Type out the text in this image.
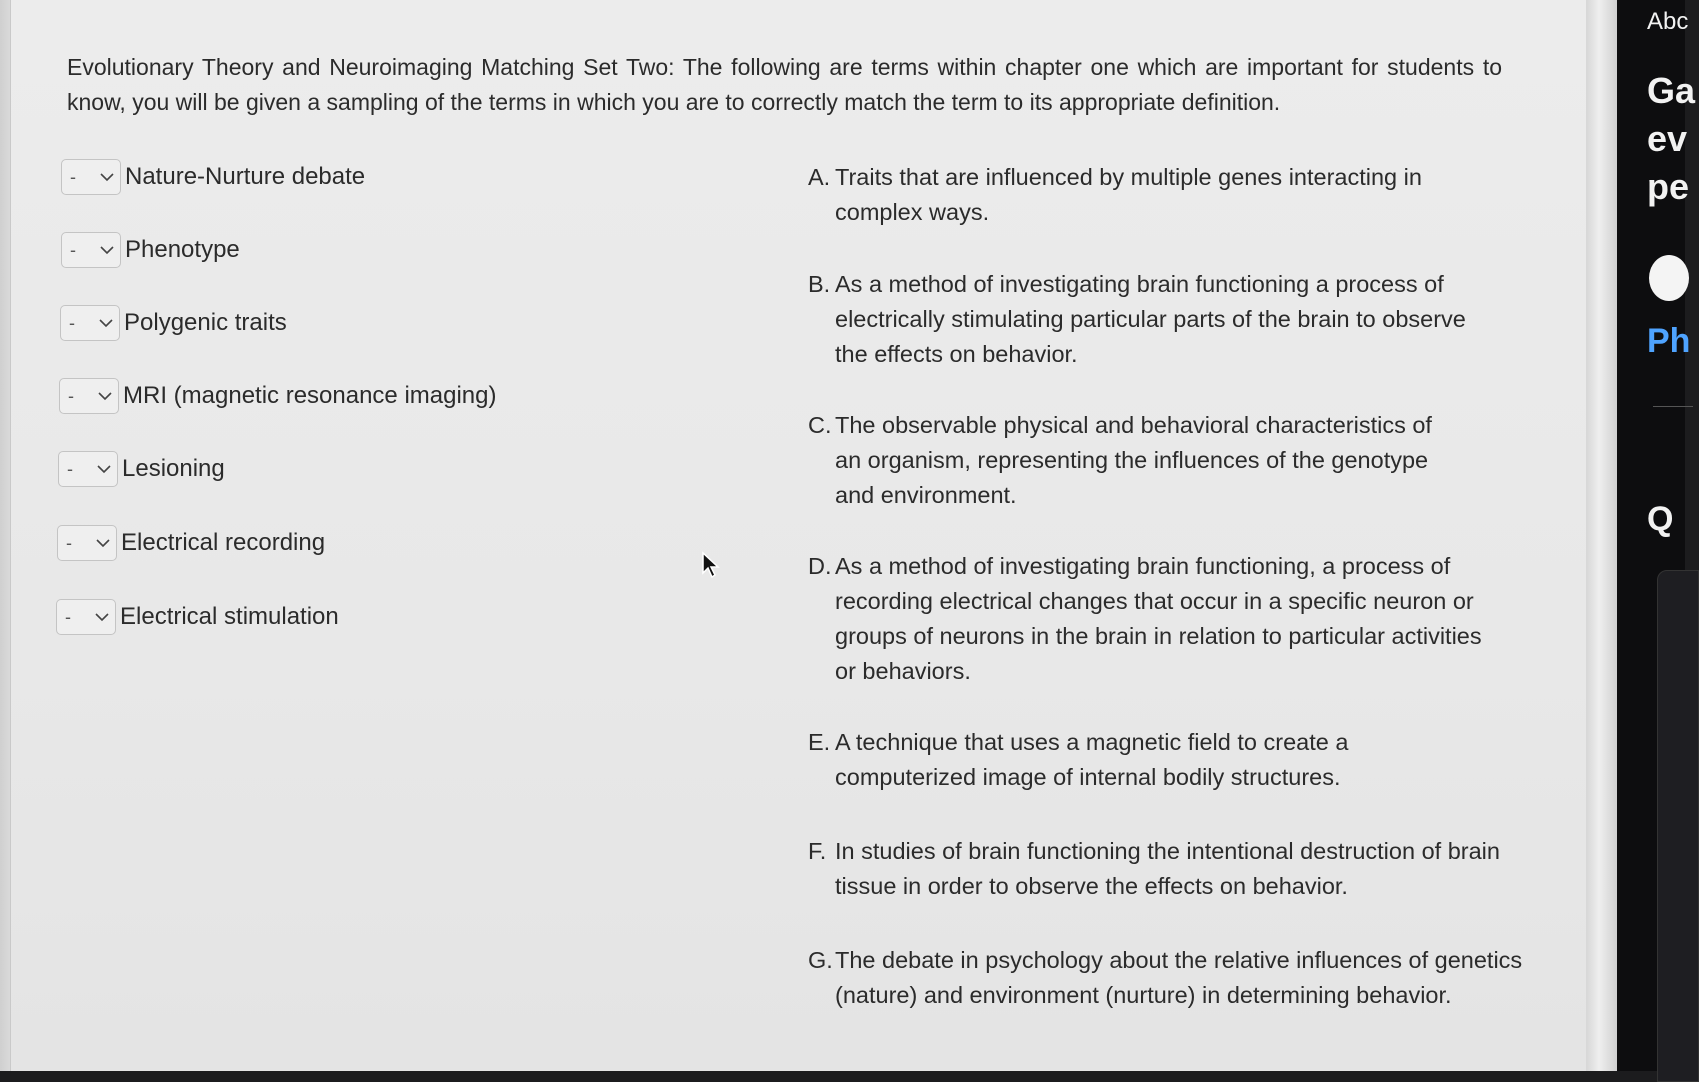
Evolutionary Theory and Neuroimaging Matching Set Two: The following are terms within chapter one which are important for students to know, you will be given a sampling of the terms in which you are to correctly match the term to its appropriate definition.

- Nature-Nurture debate
- Phenotype
- Polygenic traits
- MRI (magnetic resonance imaging)
- Lesioning
- Electrical recording
- Electrical stimulation
A. Traits that are influenced by multiple genes interacting in complex ways.
B. As a method of investigating brain functioning a process of electrically stimulating particular parts of the brain to observe the effects on behavior.
C. The observable physical and behavioral characteristics of an organism, representing the influences of the genotype and environment.
D. As a method of investigating brain functioning, a process of recording electrical changes that occur in a specific neuron or groups of neurons in the brain in relation to particular activities or behaviors.
E. A technique that uses a magnetic field to create a computerized image of internal bodily structures.
F. In studies of brain functioning the intentional destruction of brain tissue in order to observe the effects on behavior.
G. The debate in psychology about the relative influences of genetics (nature) and environment (nurture) in determining behavior.
Abc
Ga
ev
pe
Ph
Q
